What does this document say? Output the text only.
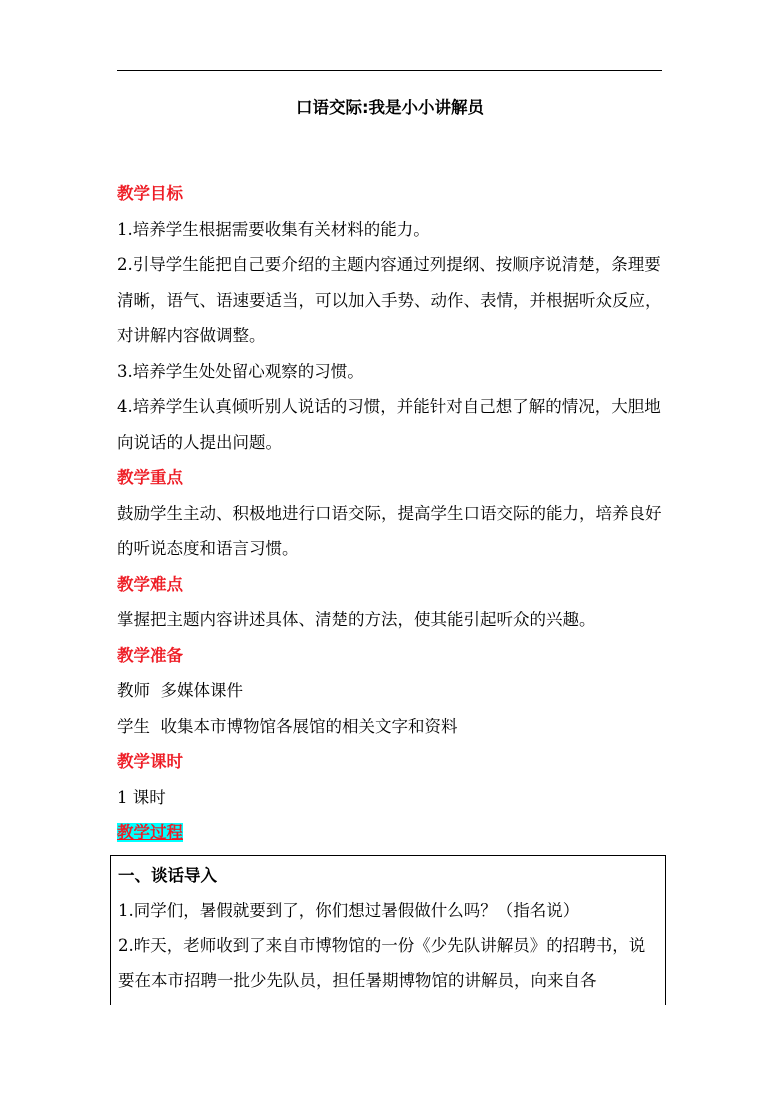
口语交际:我是小小讲解员

教学目标

1.培养学生根据需要收集有关材料的能力。

2.引导学生能把自己要介绍的主题内容通过列提纲、按顺序说清楚，条理要清晰，语气、语速要适当，可以加入手势、动作、表情，并根据听众反应，对讲解内容做调整。

3.培养学生处处留心观察的习惯。

4.培养学生认真倾听别人说话的习惯，并能针对自己想了解的情况，大胆地向说话的人提出问题。

教学重点

鼓励学生主动、积极地进行口语交际，提高学生口语交际的能力，培养良好的听说态度和语言习惯。

教学难点

掌握把主题内容讲述具体、清楚的方法，使其能引起听众的兴趣。

教学准备

教师  多媒体课件

学生  收集本市博物馆各展馆的相关文字和资料

教学课时

1 课时

教学过程

一、谈话导入

1.同学们，暑假就要到了，你们想过暑假做什么吗？（指名说）

2.昨天，老师收到了来自市博物馆的一份《少先队讲解员》的招聘书，说要在本市招聘一批少先队员，担任暑期博物馆的讲解员，向来自各
